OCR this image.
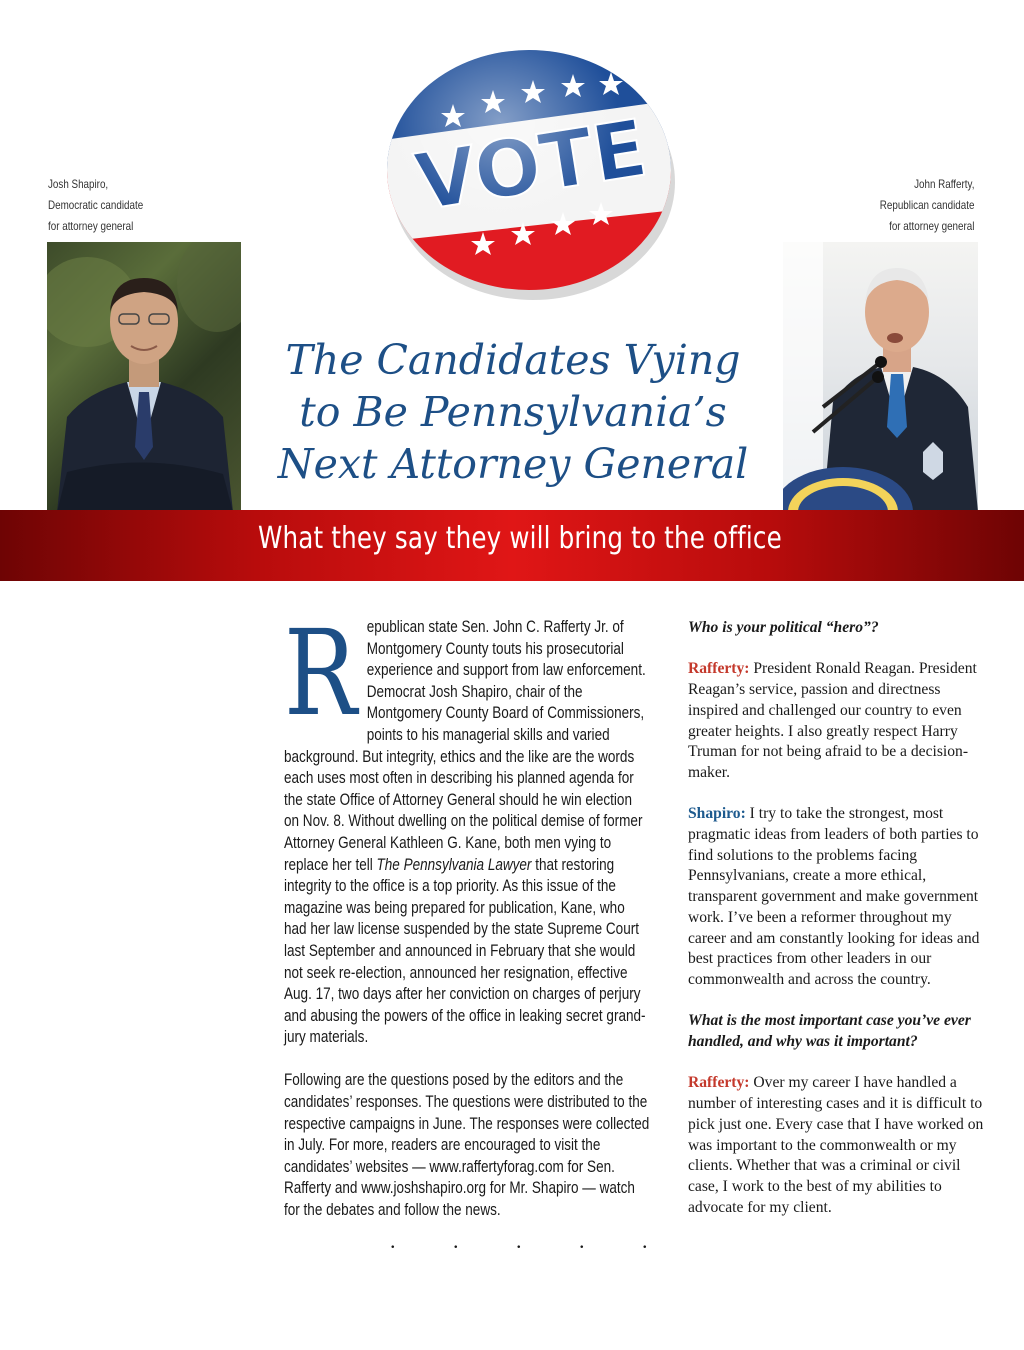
Josh Shapiro,
Democratic candidate
for attorney general
John Rafferty,
Republican candidate
for attorney general
The Candidates Vying
to Be Pennsylvania’s
Next Attorney General
What they say they will bring to the office

Republican state Sen. John C. Rafferty Jr. of Montgomery County touts his prosecutorial experience and support from law enforcement. Democrat Josh Shapiro, chair of the Montgomery County Board of Commissioners, points to his managerial skills and varied background. But integrity, ethics and the like are the words each uses most often in describing his planned agenda for the state Office of Attorney General should he win election on Nov. 8. Without dwelling on the political demise of former Attorney General Kathleen G. Kane, both men vying to replace her tell The Pennsylvania Lawyer that restoring integrity to the office is a top priority. As this issue of the magazine was being prepared for publication, Kane, who had her law license suspended by the state Supreme Court last September and announced in February that she would not seek re-election, announced her resignation, effective Aug. 17, two days after her conviction on charges of perjury and abusing the powers of the office in leaking secret grand-jury materials.

Following are the questions posed by the editors and the candidates’ responses. The questions were distributed to the respective campaigns in June. The responses were collected in July. For more, readers are encouraged to visit the candidates’ websites — www.raffertyforag.com for Sen. Rafferty and www.joshshapiro.org for Mr. Shapiro — watch for the debates and follow the news.

. . . . .

Who is your political “hero”?

Rafferty: President Ronald Reagan. President Reagan’s service, passion and directness inspired and challenged our country to even greater heights. I also greatly respect Harry Truman for not being afraid to be a decision-maker.

Shapiro: I try to take the strongest, most pragmatic ideas from leaders of both parties to find solutions to the problems facing Pennsylvanians, create a more ethical, transparent government and make government work. I’ve been a reformer throughout my career and am constantly looking for ideas and best practices from other leaders in our commonwealth and across the country.

What is the most important case you’ve ever handled, and why was it important?

Rafferty: Over my career I have handled a number of interesting cases and it is difficult to pick just one. Every case that I have worked on was important to the commonwealth or my clients. Whether that was a criminal or civil case, I work to the best of my abilities to advocate for my client.
